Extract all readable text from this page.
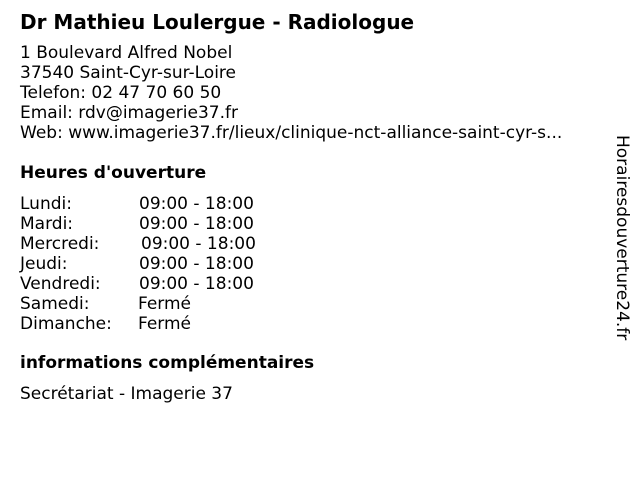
Dr Mathieu Loulergue - Radiologue
1 Boulevard Alfred Nobel
37540 Saint-Cyr-sur-Loire
Telefon: 02 47 70 60 50
Email: rdv@imagerie37.fr
Web: www.imagerie37.fr/lieux/clinique-nct-alliance-saint-cyr-s...
Heures d'ouverture
Lundi:	09:00 - 18:00
Mardi:	09:00 - 18:00
Mercredi:	09:00 - 18:00
Jeudi:	09:00 - 18:00
Vendredi:	09:00 - 18:00
Samedi:	Fermé
Dimanche:	Fermé
informations complémentaires
Secrétariat - Imagerie 37
Horairesdouverture24.fr
